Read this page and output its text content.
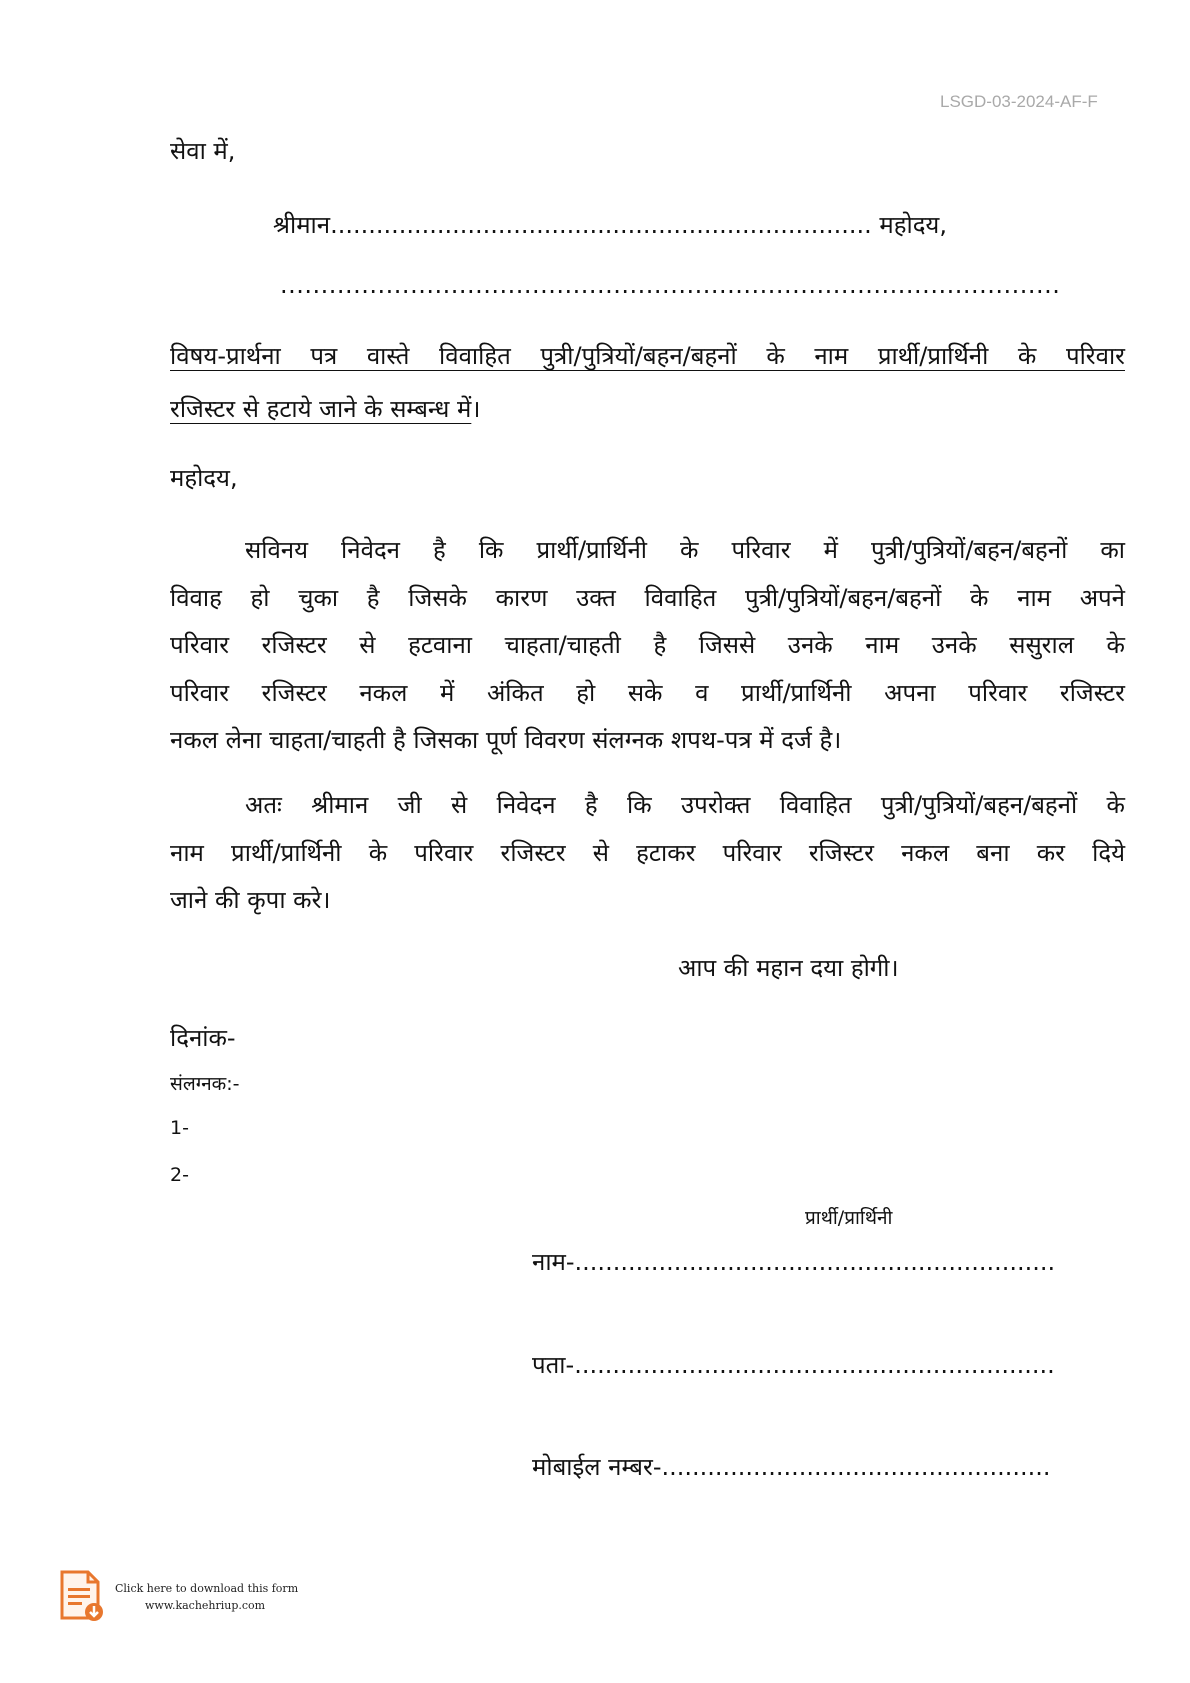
LSGD-03-2024-AF-F
सेवा में,
श्रीमान....................................................................... महोदय,
................................................................................................
विषय-प्रार्थना पत्र वास्ते विवाहित पुत्री/पुत्रियों/बहन/बहनों के नाम प्रार्थी/प्रार्थिनी के परिवार
रजिस्टर से हटाये जाने के सम्बन्ध में।
महोदय,
सविनय निवेदन है कि प्रार्थी/प्रार्थिनी के परिवार में पुत्री/पुत्रियों/बहन/बहनों का
विवाह हो चुका है जिसके कारण उक्त विवाहित पुत्री/पुत्रियों/बहन/बहनों के नाम अपने
परिवार रजिस्टर से हटवाना चाहता/चाहती है जिससे उनके नाम उनके ससुराल के
परिवार रजिस्टर नकल में अंकित हो सके व प्रार्थी/प्रार्थिनी अपना परिवार रजिस्टर
नकल लेना चाहता/चाहती है जिसका पूर्ण विवरण संलग्नक शपथ-पत्र में दर्ज है।
अतः श्रीमान जी से निवेदन है कि उपरोक्त विवाहित पुत्री/पुत्रियों/बहन/बहनों के
नाम प्रार्थी/प्रार्थिनी के परिवार रजिस्टर से हटाकर परिवार रजिस्टर नकल बना कर दिये
जाने की कृपा करे।
आप की महान दया होगी।
दिनांक-
संलग्नक:-
1-
2-
प्रार्थी/प्रार्थिनी
नाम-...............................................................
पता-...............................................................
मोबाईल नम्बर-...................................................
Click here to download this form
www.kachehriup.com
